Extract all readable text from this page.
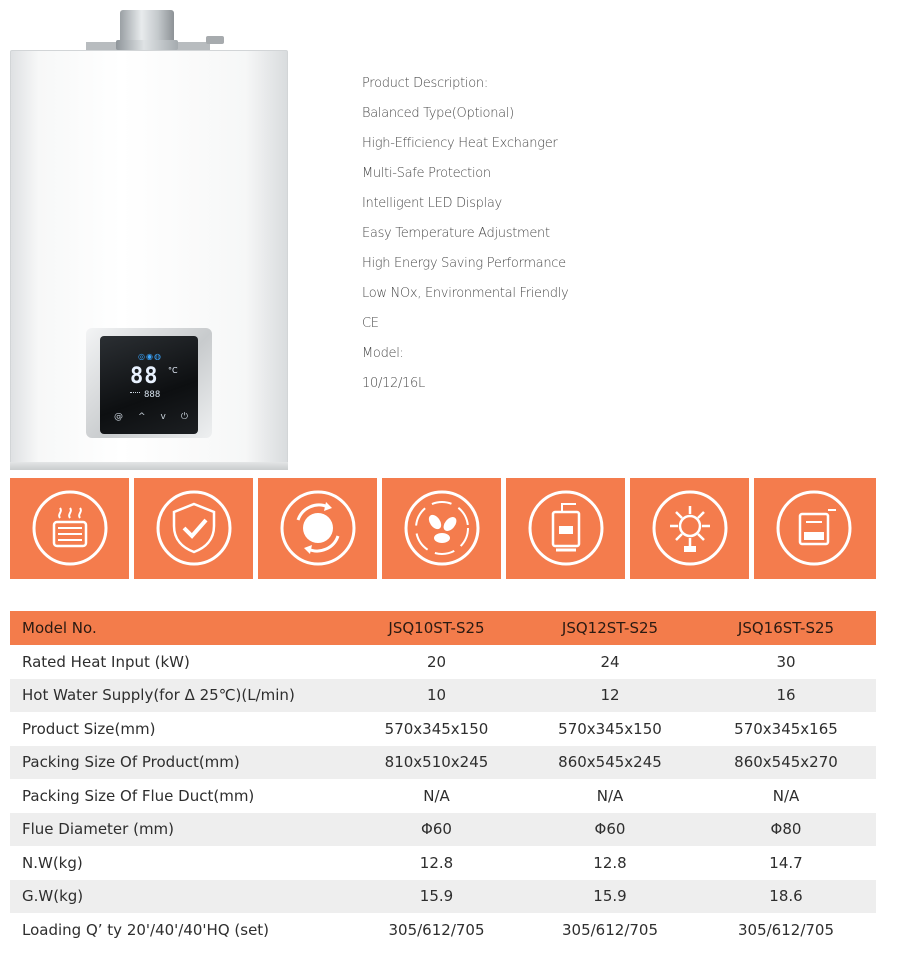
◎◉◍
88 °C
888
@ ^ v ⏻
Product Description:
Balanced Type(Optional)
High-Efficiency Heat Exchanger
Multi-Safe Protection
Intelligent LED Display
Easy Temperature Adjustment
High Energy Saving Performance
Low NOx, Environmental Friendly
CE
Model:
10/12/16L
Model No.	JSQ10ST-S25	JSQ12ST-S25	JSQ16ST-S25
Rated Heat Input (kW)	20	24	30
Hot Water Supply(for Δ 25℃)(L/min)	10	12	16
Product Size(mm)	570x345x150	570x345x150	570x345x165
Packing Size Of Product(mm)	810x510x245	860x545x245	860x545x270
Packing Size Of Flue Duct(mm)	N/A	N/A	N/A
Flue Diameter (mm)	Φ60	Φ60	Φ80
N.W(kg)	12.8	12.8	14.7
G.W(kg)	15.9	15.9	18.6
Loading Q’ ty 20'/40'/40'HQ (set)	305/612/705	305/612/705	305/612/705
